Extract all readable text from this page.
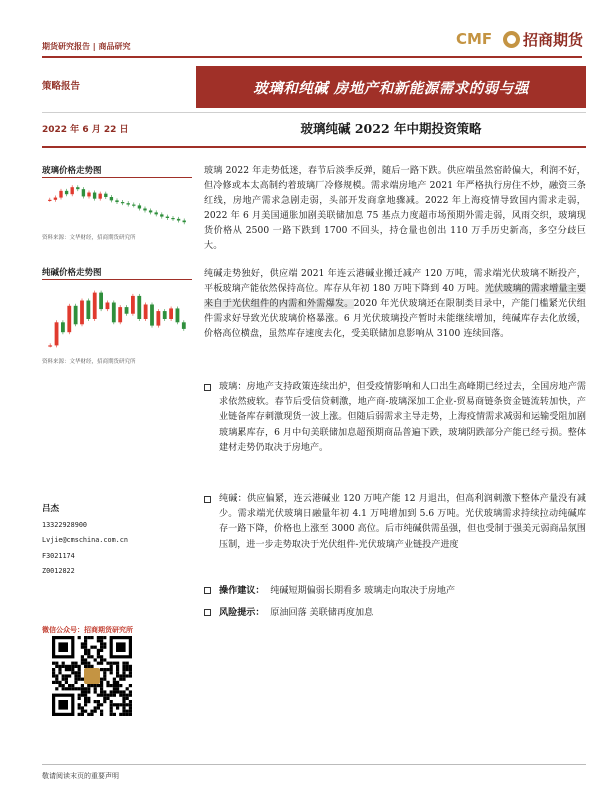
期货研究报告 | 商品研究	CMF 招商期货
策略报告	玻璃和纯碱 房地产和新能源需求的弱与强
2022 年 6 月 22 日	玻璃纯碱 2022 年中期投资策略
玻璃价格走势图
资料来源：文华财经，招商期货研究所
纯碱价格走势图
资料来源：文华财经，招商期货研究所
吕杰
13322928900
Lvjie@cmschina.com.cn
F3021174
Z0012822
微信公众号：招商期货研究所
玻璃 2022 年走势低迷，春节后淡季反弹，随后一路下跌。供应端虽然窑龄偏大，利润不好，但冷修或本太高制约着玻璃厂冷修规模。需求端房地产 2021 年严格执行房住不炒，融资三条红线，房地产需求急剧走弱，头部开发商拿地骤减。2022 年上海疫情导致国内需求走弱，2022 年 6 月美国通胀加剧美联储加息 75 基点力度超市场预期外需走弱，风雨交织，玻璃现货价格从 2500 一路下跌到 1700 不回头，持仓量也创出 110 万手历史新高，多空分歧巨大。
纯碱走势独好，供应端 2021 年连云港碱业搬迁减产 120 万吨，需求端光伏玻璃不断投产，平板玻璃产能依然保持高位。库存从年初 180 万吨下降到 40 万吨。光伏玻璃的需求增量主要来自于光伏组件的内需和外需爆发。2020 年光伏玻璃还在限制类目录中，产能门槛紧光伏组件需求好导致光伏玻璃价格暴涨。6 月光伏玻璃投产暂时未能继续增加，纯碱库存去化放缓，价格高位横盘，虽然库存速度去化，受美联储加息影响从 3100 连续回落。
玻璃：房地产支持政策连续出炉，但受疫情影响和人口出生高峰期已经过去，全国房地产需求依然疲软。春节后受信贷刺激，地产商-玻璃深加工企业-贸易商链条资金链流转加快，产业链备库存刺激现货一波上涨。但随后弱需求主导走势，上海疫情需求减弱和运输受阻加剧玻璃累库存，6 月中旬美联储加息超预期商品普遍下跌，玻璃阴跌部分产能已经亏损。整体建材走势仍取决于房地产。
纯碱：供应偏紧，连云港碱业 120 万吨产能 12 月退出，但高利润刺激下整体产量没有减少。需求端光伏玻璃日融量年初 4.1 万吨增加到 5.6 万吨。光伏玻璃需求持续拉动纯碱库存一路下降，价格也上涨至 3000 高位。后市纯碱供需虽强，但也受制于强美元弱商品氛围压制，进一步走势取决于光伏组件-光伏玻璃产业链投产进度
操作建议： 纯碱短期偏弱长期看多 玻璃走向取决于房地产
风险提示： 原油回落 美联储再度加息
敬请阅读末页的重要声明
